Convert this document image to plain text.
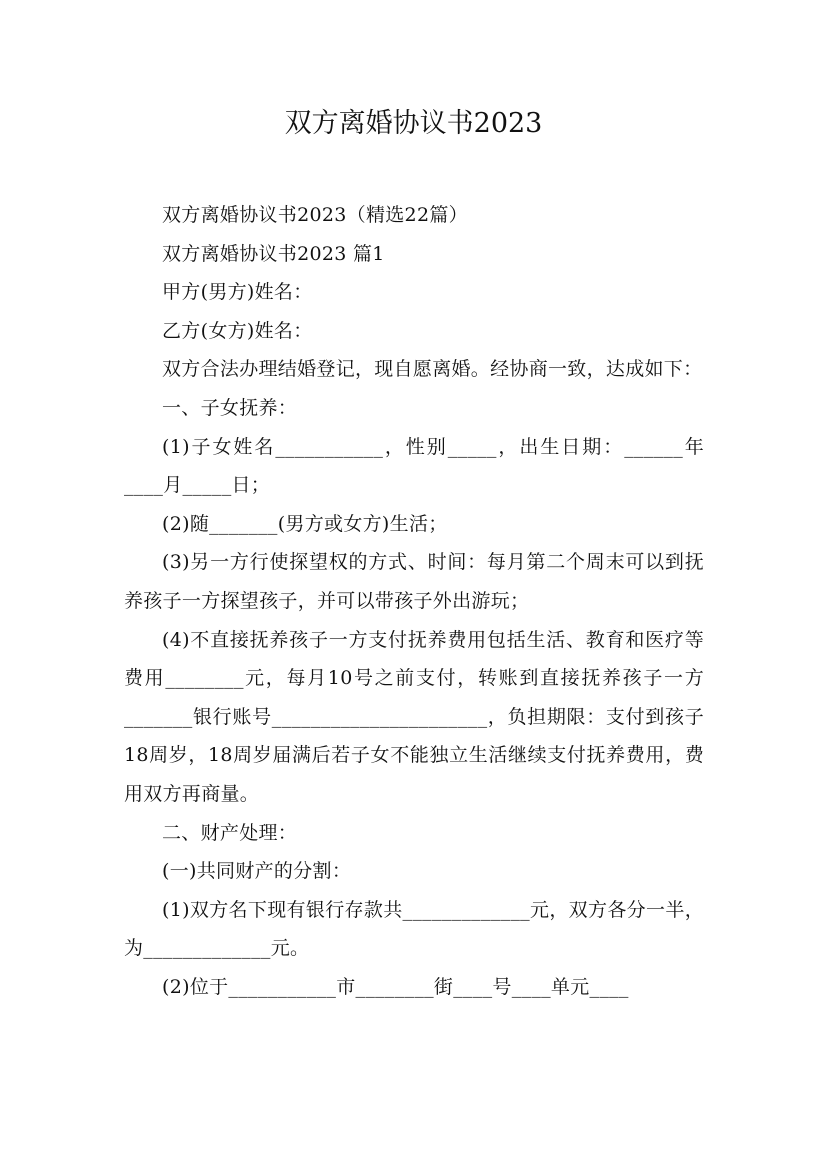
双方离婚协议书2023

双方离婚协议书2023（精选22篇）

双方离婚协议书2023 篇1

甲方(男方)姓名：

乙方(女方)姓名：

双方合法办理结婚登记，现自愿离婚。经协商一致，达成如下：

一、子女抚养：

(1)子女姓名___________，性别_____，出生日期：______年____月_____日；

(2)随_______(男方或女方)生活；

(3)另一方行使探望权的方式、时间：每月第二个周末可以到抚养孩子一方探望孩子，并可以带孩子外出游玩；

(4)不直接抚养孩子一方支付抚养费用包括生活、教育和医疗等费用________元，每月10号之前支付，转账到直接抚养孩子一方_______银行账号______________________，负担期限：支付到孩子18周岁，18周岁届满后若子女不能独立生活继续支付抚养费用，费用双方再商量。

二、财产处理：

(一)共同财产的分割：

(1)双方名下现有银行存款共_____________元，双方各分一半，为_____________元。

(2)位于___________市________街____号____单元____
